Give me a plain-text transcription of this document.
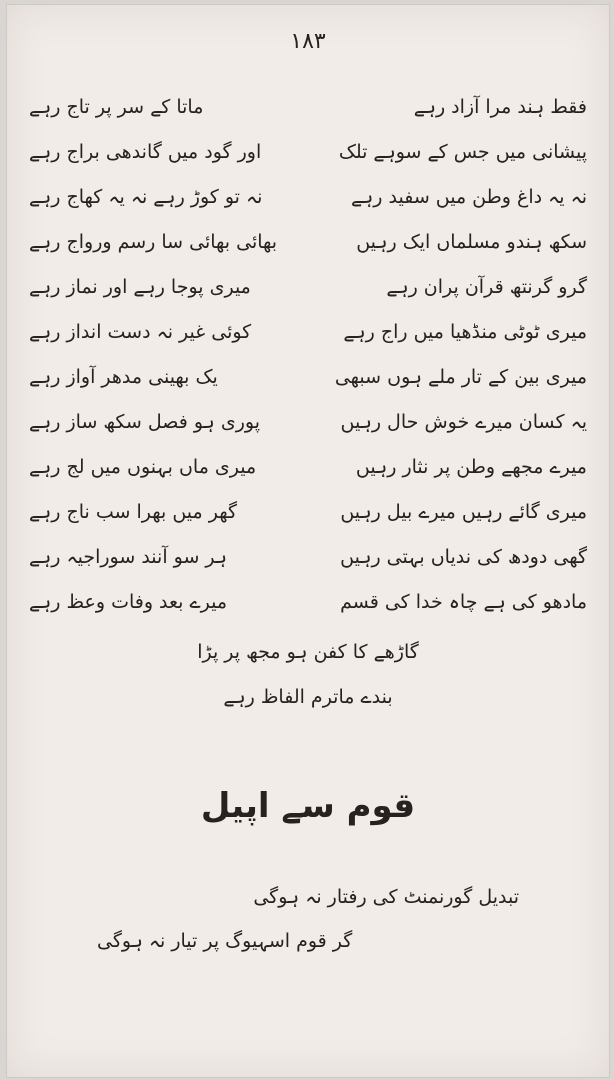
۱۸۳
فقط ہند مرا آزاد رہے
ماتا کے سر پر تاج رہے
پیشانی میں جس کے سوہے تلک
اور گود میں گاندھی براج رہے
نہ یہ داغ وطن میں سفید رہے
نہ تو کوڑ رہے نہ یہ کھاج رہے
سکھ ہندو مسلماں ایک رہیں
بھائی بھائی سا رسم ورواج رہے
گرو گرنتھ قرآن پران رہے
میری پوجا رہے اور نماز رہے
میری ٹوٹی منڈھیا میں راج رہے
کوئی غیر نہ دست انداز رہے
میری بین کے تار ملے ہوں سبھی
یک بھینی مدھر آواز رہے
یہ کسان میرے خوش حال رہیں
پوری ہو فصل سکھ ساز رہے
میرے مجھے وطن پر نثار رہیں
میری ماں بہنوں میں لج رہے
میری گائے رہیں میرے بیل رہیں
گھر میں بھرا سب ناج رہے
گھی دودھ کی ندیاں بہتی رہیں
ہر سو آنند سوراجیہ رہے
مادھو کی ہے چاہ خدا کی قسم
میرے بعد وفات وعظ رہے
گاڑھے کا کفن ہو مجھ پر پڑا
بندے ماترم الفاظ رہے
قوم سے اپیل
تبدیل گورنمنٹ کی رفتار نہ ہوگی
گر قوم اسہیوگ پر تیار نہ ہوگی
